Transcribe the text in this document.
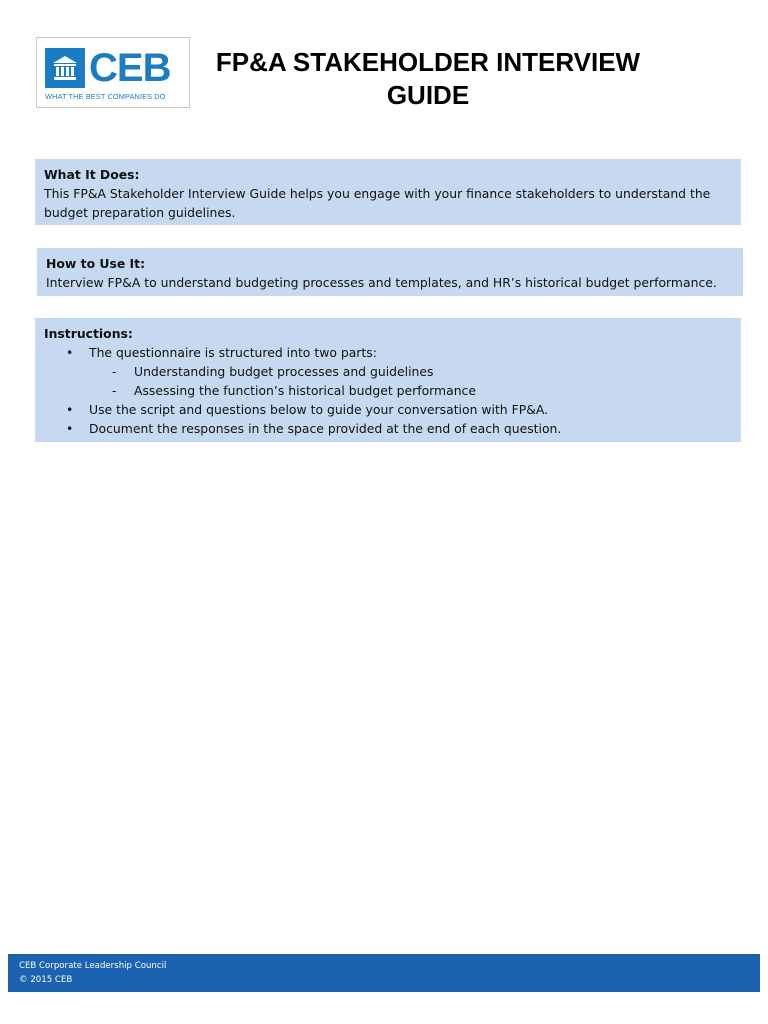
CEB
WHAT THE BEST COMPANIES DO
FP&A STAKEHOLDER INTERVIEW
GUIDE
What It Does:
This FP&A Stakeholder Interview Guide helps you engage with your finance stakeholders to understand the budget preparation guidelines.
How to Use It:
Interview FP&A to understand budgeting processes and templates, and HR’s historical budget performance.
Instructions:
• The questionnaire is structured into two parts:
- Understanding budget processes and guidelines
- Assessing the function’s historical budget performance
• Use the script and questions below to guide your conversation with FP&A.
• Document the responses in the space provided at the end of each question.
CEB Corporate Leadership Council
© 2015 CEB
